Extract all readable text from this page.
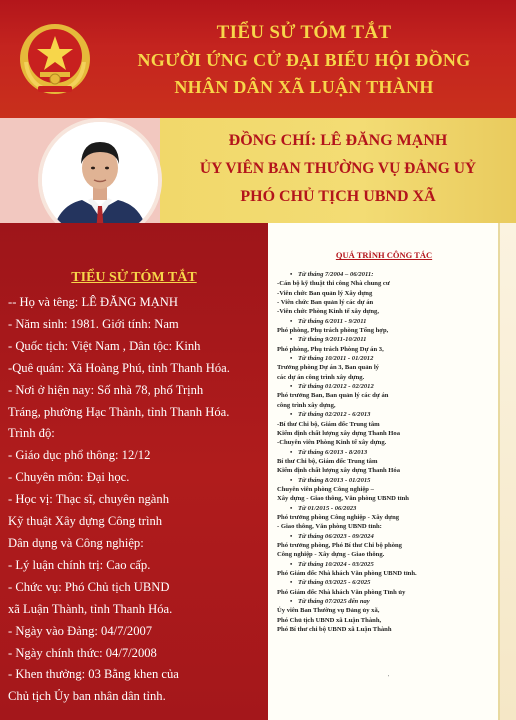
TIỂU SỬ TÓM TẮT
NGƯỜI ỨNG CỬ ĐẠI BIỂU HỘI ĐỒNG
NHÂN DÂN XÃ LUẬN THÀNH
ĐỒNG CHÍ: LÊ ĐĂNG MẠNH
ỦY VIÊN BAN THƯỜNG VỤ ĐẢNG UỶ
PHÓ CHỦ TỊCH UBND XÃ
TIỂU SỬ TÓM TẮT
-- Họ và têng: LÊ ĐĂNG MẠNH
- Năm sinh: 1981. Giới tính: Nam
- Quốc tịch: Việt Nam , Dân tộc: Kinh
-Quê quán: Xã Hoàng Phú, tỉnh Thanh Hóa.
- Nơi ở hiện nay: Số nhà 78, phố Trịnh
Tráng, phường Hạc Thành, tỉnh Thanh Hóa.
Trình độ:
- Giáo dục phổ thông: 12/12
- Chuyên môn: Đại học.
- Học vị: Thạc sĩ, chuyên ngành
Kỹ thuật Xây dựng Công trình
Dân dụng và Công nghiệp:
- Lý luận chính trị: Cao cấp.
- Chức vụ: Phó Chủ tịch UBND
xã Luận Thành, tỉnh Thanh Hóa.
- Ngày vào Đảng: 04/7/2007
- Ngày chính thức: 04/7/2008
- Khen thưởng: 03 Bằng khen của
Chủ tịch Ủy ban nhân dân tỉnh.
QUÁ TRÌNH CÔNG TÁC
• Từ tháng 7/2004 – 06/2011:
-Cán bộ kỹ thuật thi công Nhà chung cư
-Viên chức Ban quản lý Xây dựng
- Viên chức Ban quản lý các dự án
-Viên chức Phòng Kinh tế xây dựng,
• Từ tháng 6/2011 - 9/2011
Phó phòng, Phụ trách phòng Tổng hợp,
• Từ tháng 9/2011-10/2011
Phó phòng, Phụ trách Phòng Dự án 3,
• Từ tháng 10/2011 - 01/2012
Trưởng phòng Dự án 3, Ban quản lý
các dự án công trình xây dựng.
• Từ tháng 01/2012 - 02/2012
Phó trưởng Ban, Ban quản lý các dự án
công trình xây dựng,
• Từ tháng 02/2012 - 6/2013
-Bí thư Chi bộ, Giám đốc Trung tâm
Kiểm định chất lượng xây dựng Thanh Hoa
-Chuyên viên Phòng Kinh tế xây dựng.
• Từ tháng 6/2013 - 8/2013
Bí thư Chi bộ, Giám đốc Trung tâm
Kiểm định chất lượng xây dựng Thanh Hóa
• Từ tháng 8/2013 - 01/2015
Chuyên viên phòng Công nghiệp –
Xây dựng - Giao thông, Văn phòng UBND tỉnh
• Từ 01/2015 - 06/2023
Phó trưởng phòng Công nghiệp - Xây dựng
- Giao thông, Văn phòng UBND tỉnh:
• Từ tháng 06/2023 - 09/2024
Phó trưởng phòng, Phó Bí thư Chi bộ phòng
Công nghiệp - Xây dựng - Giao thông.
• Từ tháng 10/2024 - 03/2025
Phó Giám đốc Nhà khách Văn phòng UBND tỉnh.
• Từ tháng 03/2025 - 6/2025
Phó Giám đốc Nhà khách Văn phòng Tỉnh ủy
• Từ tháng 07/2025 đến nay
Ủy viên Ban Thường vụ Đảng ủy xã,
Phó Chủ tịch UBND xã Luận Thành,
Phó Bí thư chi bộ UBND xã Luận Thành
'
